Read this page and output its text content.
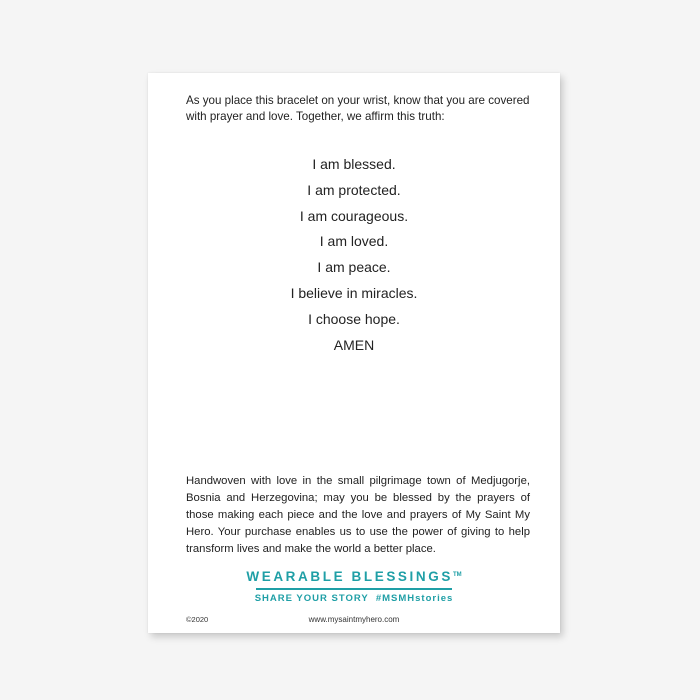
As you place this bracelet on your wrist, know that you are covered with prayer and love. Together, we affirm this truth:
I am blessed.
I am protected.
I am courageous.
I am loved.
I am peace.
I believe in miracles.
I choose hope.
AMEN
Handwoven with love in the small pilgrimage town of Medjugorje, Bosnia and Herzegovina; may you be blessed by the prayers of those making each piece and the love and prayers of My Saint My Hero. Your purchase enables us to use the power of giving to help transform lives and make the world a better place.
WEARABLE BLESSINGS™
SHARE YOUR STORY  #MSMHstories
©2020	www.mysaintmyhero.com
